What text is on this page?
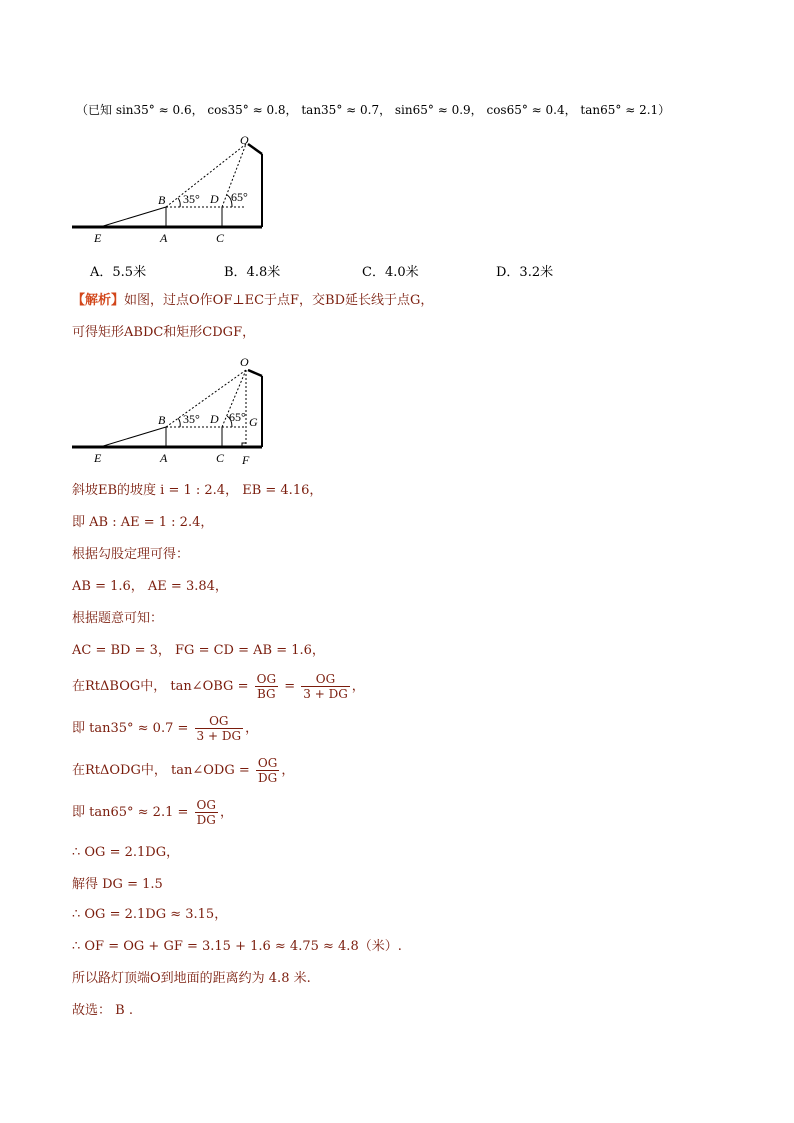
（已知 sin35° ≈ 0.6， cos35° ≈ 0.8， tan35° ≈ 0.7， sin65° ≈ 0.9， cos65° ≈ 0.4， tan65° ≈ 2.1）
O
B	D
35°	65°
E	A	C
A．5.5米	B．4.8米	C．4.0米	D．3.2米
【解析】如图，过点O作OF⊥EC于点F，交BD延长线于点G，
可得矩形ABDC和矩形CDGF，
O
B	D	G
35° 65°
E	A	C F
斜坡EB的坡度 i = 1 : 2.4， EB = 4.16，
即 AB : AE = 1 : 2.4，
根据勾股定理可得：
AB = 1.6， AE = 3.84，
根据题意可知：
AC = BD = 3， FG = CD = AB = 1.6，
在RtΔBOG中， tan∠OBG = $\frac{OG}{BG} = \frac{OG}{3 + DG}$ ，
即 $\tan 35^\circ \approx 0.7 = \frac{OG}{3 + DG}$ ，
在RtΔODG中， tan∠ODG = $\frac{OG}{DG}$ ，
即 $\tan 65^\circ \approx 2.1 = \frac{OG}{DG}$ ，
∴ OG = 2.1DG，
解得 DG = 1.5
∴ OG = 2.1DG ≈ 3.15，
∴ OF = OG + GF = 3.15 + 1.6 ≈ 4.75 ≈ 4.8（米）.
所以路灯顶端O到地面的距离约为 4.8 米.
故选： B .
